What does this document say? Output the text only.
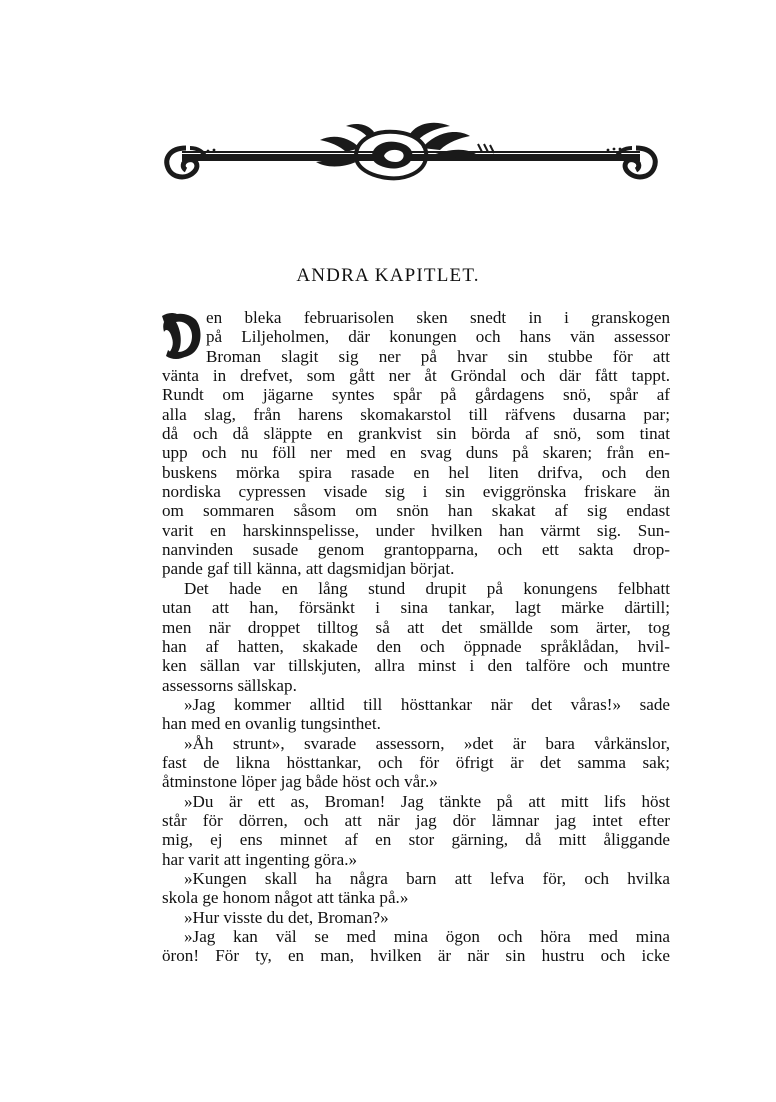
ANDRA KAPITLET.
D	en bleka februarisolen sken snedt in i granskogen
på Liljeholmen, där konungen och hans vän assessor
Broman slagit sig ner på hvar sin stubbe för att
vänta in drefvet, som gått ner åt Gröndal och där fått tappt.
Rundt om jägarne syntes spår på gårdagens snö, spår af
alla slag, från harens skomakarstol till räfvens dusarna par;
då och då släppte en grankvist sin börda af snö, som tinat
upp och nu föll ner med en svag duns på skaren; från en-
buskens mörka spira rasade en hel liten drifva, och den
nordiska cypressen visade sig i sin eviggrönska friskare än
om sommaren såsom om snön han skakat af sig endast
varit en harskinnspelisse, under hvilken han värmt sig. Sun-
nanvinden susade genom grantopparna, och ett sakta drop-
pande gaf till känna, att dagsmidjan börjat.
Det hade en lång stund drupit på konungens felbhatt
utan att han, försänkt i sina tankar, lagt märke därtill;
men när droppet tilltog så att det smällde som ärter, tog
han af hatten, skakade den och öppnade språklådan, hvil-
ken sällan var tillskjuten, allra minst i den talföre och muntre
assessorns sällskap.
»Jag kommer alltid till hösttankar när det våras!» sade
han med en ovanlig tungsinthet.
»Åh strunt», svarade assessorn, »det är bara vårkänslor,
fast de likna hösttankar, och för öfrigt är det samma sak;
åtminstone löper jag både höst och vår.»
»Du är ett as, Broman! Jag tänkte på att mitt lifs höst
står för dörren, och att när jag dör lämnar jag intet efter
mig, ej ens minnet af en stor gärning, då mitt åliggande
har varit att ingenting göra.»
»Kungen skall ha några barn att lefva för, och hvilka
skola ge honom något att tänka på.»
»Hur visste du det, Broman?»
»Jag kan väl se med mina ögon och höra med mina
öron! För ty, en man, hvilken är när sin hustru och icke
